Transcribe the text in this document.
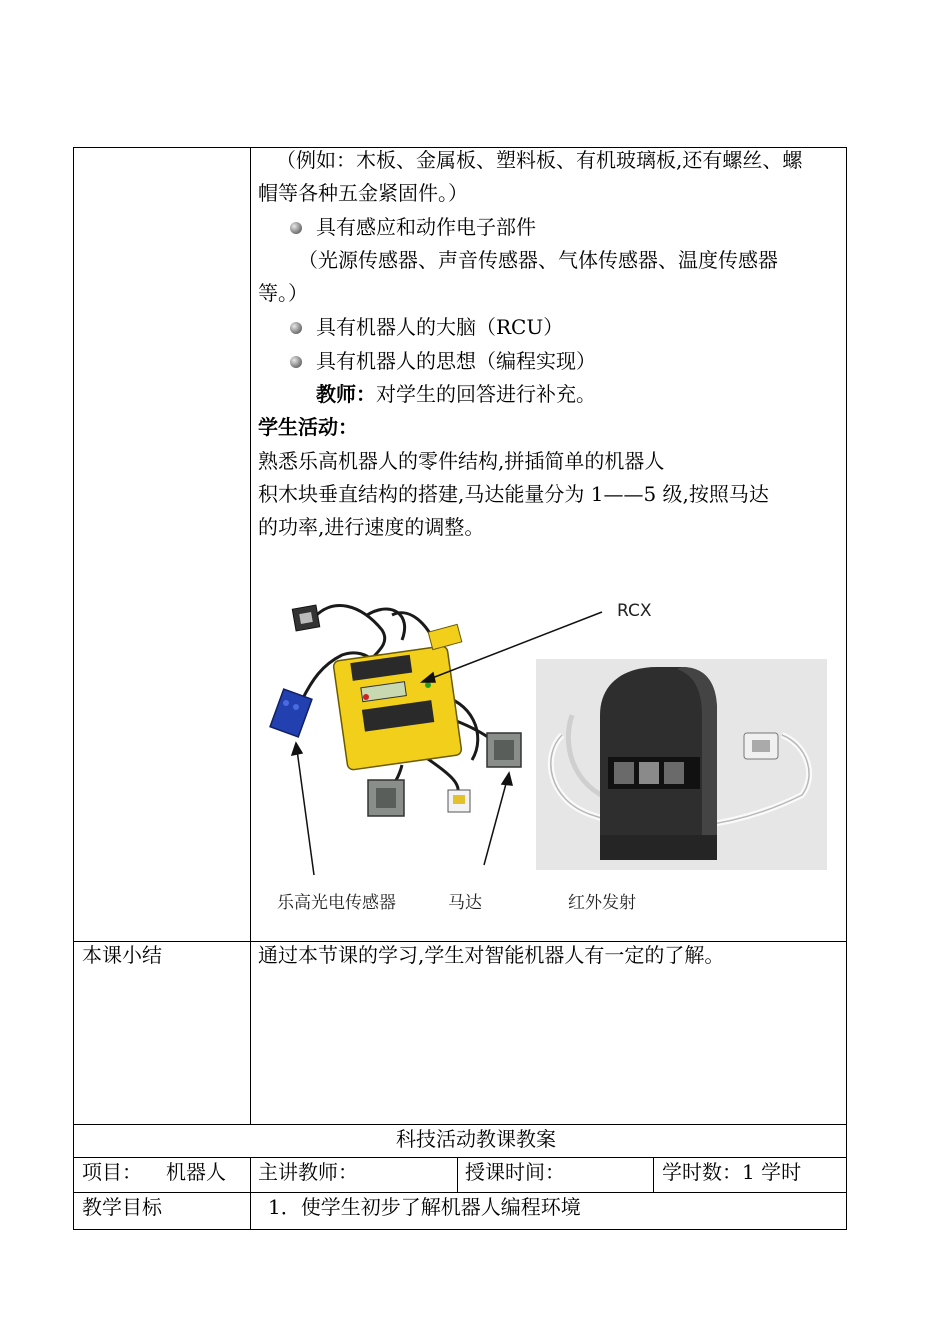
（例如：木板、金属板、塑料板、有机玻璃板,还有螺丝、螺
帽等各种五金紧固件。）
具有感应和动作电子部件
（光源传感器、声音传感器、气体传感器、温度传感器
等。）
具有机器人的大脑（RCU）
具有机器人的思想（编程实现）
教师：对学生的回答进行补充。
学生活动：
熟悉乐高机器人的零件结构,拼插简单的机器人
积木块垂直结构的搭建,马达能量分为 1——5 级,按照马达
的功率,进行速度的调整。
RCX
乐高光电传感器	马达	红外发射
本课小结	通过本节课的学习,学生对智能机器人有一定的了解。
科技活动教课教案
项目： 机器人 主讲教师：	授课时间：	学时数：1 学时
教学目标	1．使学生初步了解机器人编程环境
